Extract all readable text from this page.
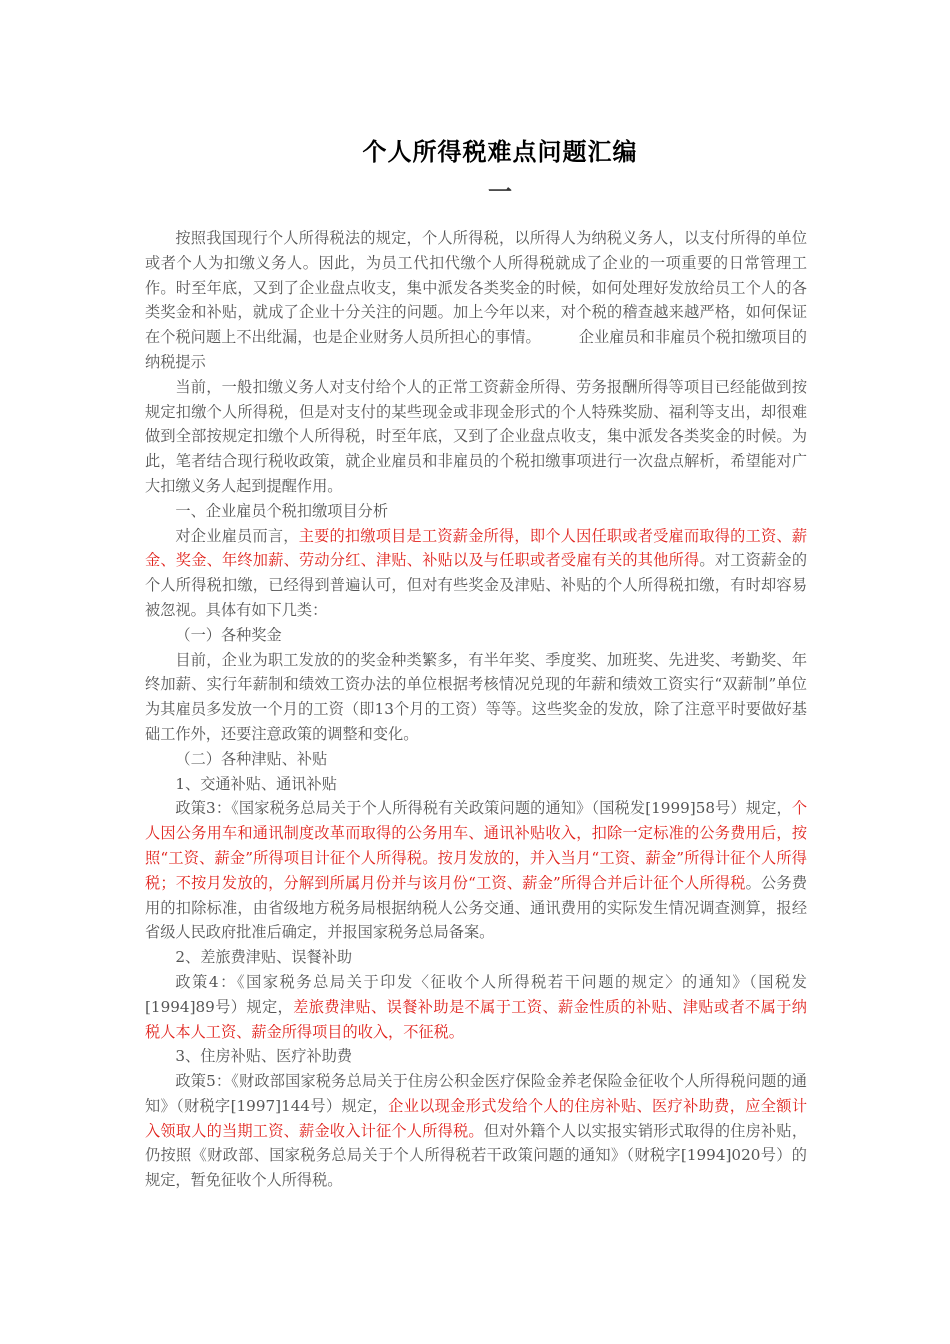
个人所得税难点问题汇编
一

按照我国现行个人所得税法的规定，个人所得税，以所得人为纳税义务人，以支付所得的单位或者个人为扣缴义务人。因此，为员工代扣代缴个人所得税就成了企业的一项重要的日常管理工作。时至年底，又到了企业盘点收支，集中派发各类奖金的时候，如何处理好发放给员工个人的各类奖金和补贴，就成了企业十分关注的问题。加上今年以来，对个税的稽查越来越严格，如何保证在个税问题上不出纰漏，也是企业财务人员所担心的事情。　　　企业雇员和非雇员个税扣缴项目的纳税提示

当前，一般扣缴义务人对支付给个人的正常工资薪金所得、劳务报酬所得等项目已经能做到按规定扣缴个人所得税，但是对支付的某些现金或非现金形式的个人特殊奖励、福利等支出，却很难做到全部按规定扣缴个人所得税，时至年底，又到了企业盘点收支，集中派发各类奖金的时候。为此，笔者结合现行税收政策，就企业雇员和非雇员的个税扣缴事项进行一次盘点解析，希望能对广大扣缴义务人起到提醒作用。

一、企业雇员个税扣缴项目分析

对企业雇员而言，主要的扣缴项目是工资薪金所得，即个人因任职或者受雇而取得的工资、薪金、奖金、年终加薪、劳动分红、津贴、补贴以及与任职或者受雇有关的其他所得。对工资薪金的个人所得税扣缴，已经得到普遍认可，但对有些奖金及津贴、补贴的个人所得税扣缴，有时却容易被忽视。具体有如下几类：

（一）各种奖金

目前，企业为职工发放的的奖金种类繁多，有半年奖、季度奖、加班奖、先进奖、考勤奖、年终加薪、实行年薪制和绩效工资办法的单位根据考核情况兑现的年薪和绩效工资实行“双薪制”单位为其雇员多发放一个月的工资（即13个月的工资）等等。这些奖金的发放，除了注意平时要做好基础工作外，还要注意政策的调整和变化。

（二）各种津贴、补贴

1、交通补贴、通讯补贴

政策3：《国家税务总局关于个人所得税有关政策问题的通知》（国税发[1999]58号）规定，个人因公务用车和通讯制度改革而取得的公务用车、通讯补贴收入，扣除一定标准的公务费用后，按照“工资、薪金”所得项目计征个人所得税。按月发放的，并入当月“工资、薪金”所得计征个人所得税；不按月发放的，分解到所属月份并与该月份“工资、薪金”所得合并后计征个人所得税。公务费用的扣除标准，由省级地方税务局根据纳税人公务交通、通讯费用的实际发生情况调查测算，报经省级人民政府批准后确定，并报国家税务总局备案。

2、差旅费津贴、误餐补助

政策4：《国家税务总局关于印发〈征收个人所得税若干问题的规定〉的通知》（国税发[1994]89号）规定，差旅费津贴、误餐补助是不属于工资、薪金性质的补贴、津贴或者不属于纳税人本人工资、薪金所得项目的收入，不征税。

3、住房补贴、医疗补助费

政策5：《财政部国家税务总局关于住房公积金医疗保险金养老保险金征收个人所得税问题的通知》（财税字[1997]144号）规定，企业以现金形式发给个人的住房补贴、医疗补助费，应全额计入领取人的当期工资、薪金收入计征个人所得税。但对外籍个人以实报实销形式取得的住房补贴，仍按照《财政部、国家税务总局关于个人所得税若干政策问题的通知》（财税字[1994]020号）的规定，暂免征收个人所得税。
